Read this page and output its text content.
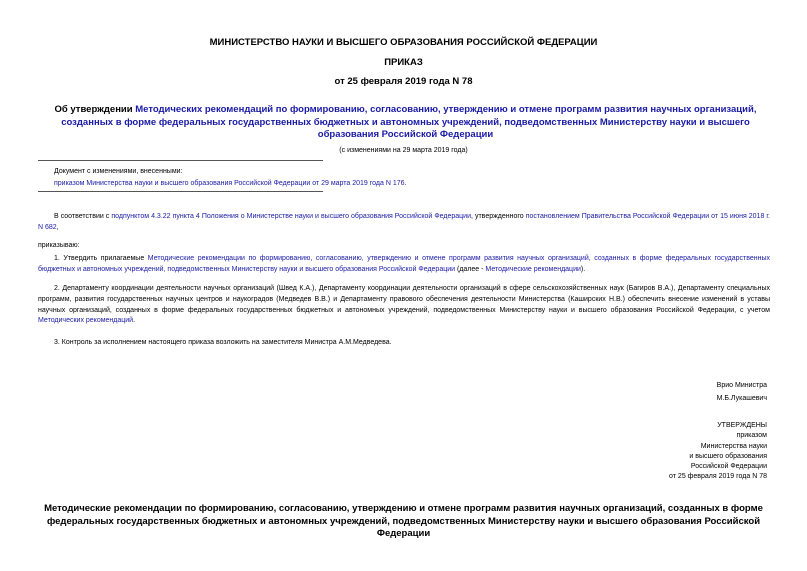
МИНИСТЕРСТВО НАУКИ И ВЫСШЕГО ОБРАЗОВАНИЯ РОССИЙСКОЙ ФЕДЕРАЦИИ
ПРИКАЗ
от 25 февраля 2019 года N 78
Об утверждении Методических рекомендаций по формированию, согласованию, утверждению и отмене программ развития научных организаций, созданных в форме федеральных государственных бюджетных и автономных учреждений, подведомственных Министерству науки и высшего образования Российской Федерации
(с изменениями на 29 марта 2019 года)
Документ с изменениями, внесенными:
приказом Министерства науки и высшего образования Российской Федерации от 29 марта 2019 года N 176.
В соответствии с подпунктом 4.3.22 пункта 4 Положения о Министерстве науки и высшего образования Российской Федерации, утвержденного постановлением Правительства Российской Федерации от 15 июня 2018 г. N 682,
приказываю:
1. Утвердить прилагаемые Методические рекомендации по формированию, согласованию, утверждению и отмене программ развития научных организаций, созданных в форме федеральных государственных бюджетных и автономных учреждений, подведомственных Министерству науки и высшего образования Российской Федерации (далее - Методические рекомендации).
2. Департаменту координации деятельности научных организаций (Швед К.А.), Департаменту координации деятельности организаций в сфере сельскохозяйственных наук (Багиров В.А.), Департаменту специальных программ, развития государственных научных центров и наукоградов (Медведев В.В.) и Департаменту правового обеспечения деятельности Министерства (Каширских Н.В.) обеспечить внесение изменений в уставы научных организаций, созданных в форме федеральных государственных бюджетных и автономных учреждений, подведомственных Министерству науки и высшего образования Российской Федерации, с учетом Методических рекомендаций.
3. Контроль за исполнением настоящего приказа возложить на заместителя Министра А.М.Медведева.
Врио Министра
М.Б.Лукашевич
УТВЕРЖДЕНЫ
приказом
Министерства науки
и высшего образования
Российской Федерации
от 25 февраля 2019 года N 78
Методические рекомендации по формированию, согласованию, утверждению и отмене программ развития научных организаций, созданных в форме федеральных государственных бюджетных и автономных учреждений, подведомственных Министерству науки и высшего образования Российской Федерации
